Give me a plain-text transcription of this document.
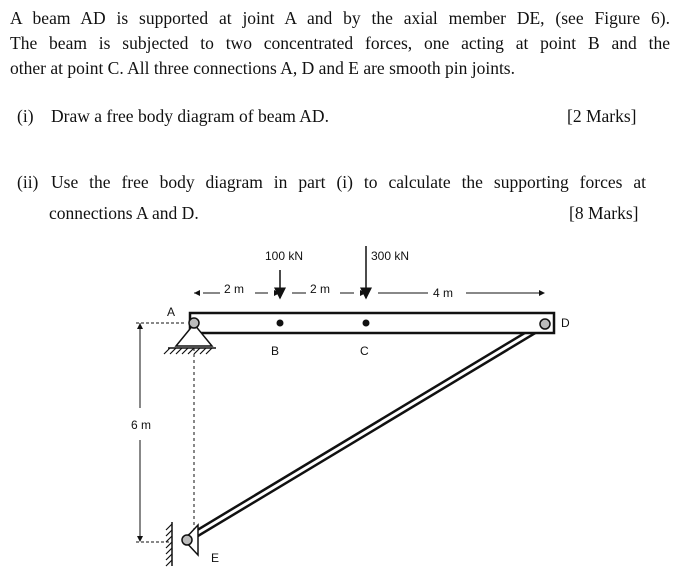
A beam AD is supported at joint A and by the axial member DE, (see Figure 6).
The beam is subjected to two concentrated forces, one acting at point B and the
other at point C. All three connections A, D and E are smooth pin joints.
(i) Draw a free body diagram of beam AD.	[2 Marks]
(ii) Use the free body diagram in part (i) to calculate the supporting forces at
connections A and D.	[8 Marks]
100 kN	300 kN
2 m	2 m	4 m
6 m
A
B	C
D
E
